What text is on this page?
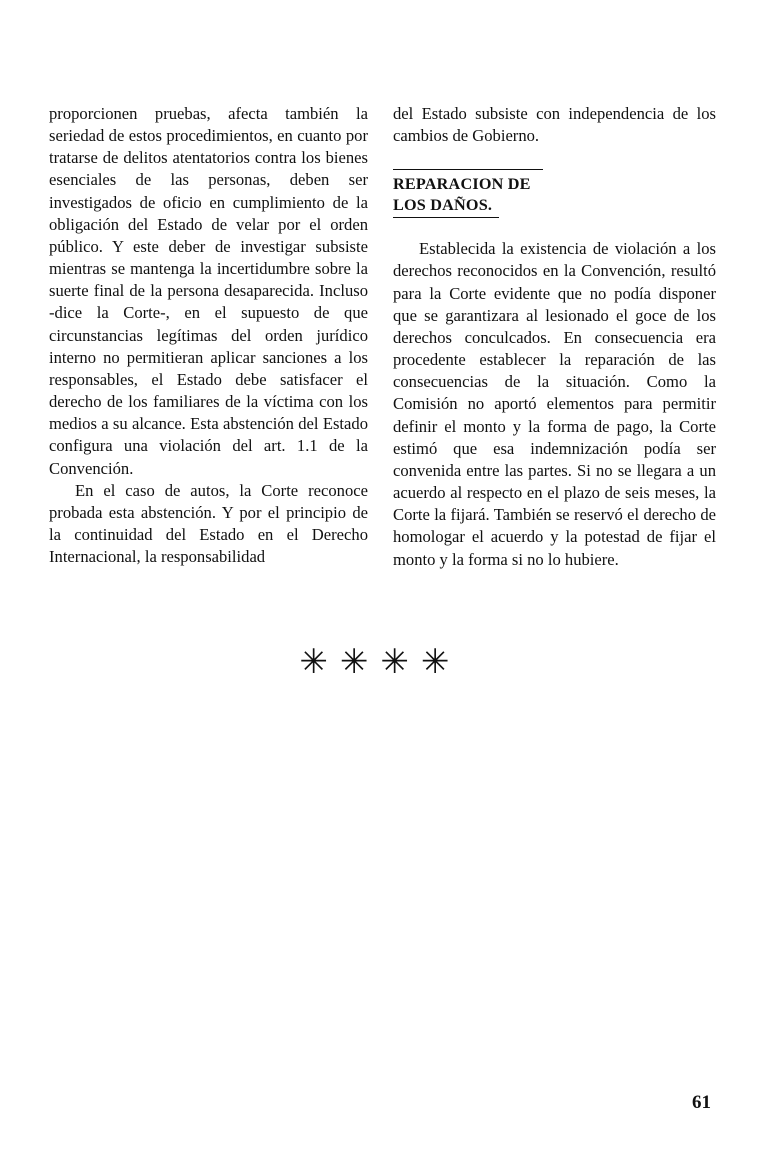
proporcionen pruebas, afecta también la seriedad de estos procedimientos, en cuanto por tratarse de delitos atentatorios contra los bienes esenciales de las personas, deben ser investigados de oficio en cumplimiento de la obligación del Estado de velar por el orden público. Y este deber de investigar subsiste mientras se mantenga la incertidumbre sobre la suerte final de la persona desaparecida. Incluso -dice la Corte-, en el supuesto de que circunstancias legítimas del orden jurídico interno no permitieran aplicar sanciones a los responsables, el Estado debe satisfacer el derecho de los familiares de la víctima con los medios a su alcance. Esta abstención del Estado configura una violación del art. 1.1 de la Convención.

En el caso de autos, la Corte reconoce probada esta abstención. Y por el principio de la continuidad del Estado en el Derecho Internacional, la responsabilidad

del Estado subsiste con independencia de los cambios de Gobierno.

REPARACION DE
LOS DAÑOS.

Establecida la existencia de violación a los derechos reconocidos en la Convención, resultó para la Corte evidente que no podía disponer que se garantizara al lesionado el goce de los derechos conculcados. En consecuencia era procedente establecer la reparación de las consecuencias de la situación. Como la Comisión no aportó elementos para permitir definir el monto y la forma de pago, la Corte estimó que esa indemnización podía ser convenida entre las partes. Si no se llegara a un acuerdo al respecto en el plazo de seis meses, la Corte la fijará. También se reservó el derecho de homologar el acuerdo y la potestad de fijar el monto y la forma si no lo hubiere.

✳✳✳✳
61
